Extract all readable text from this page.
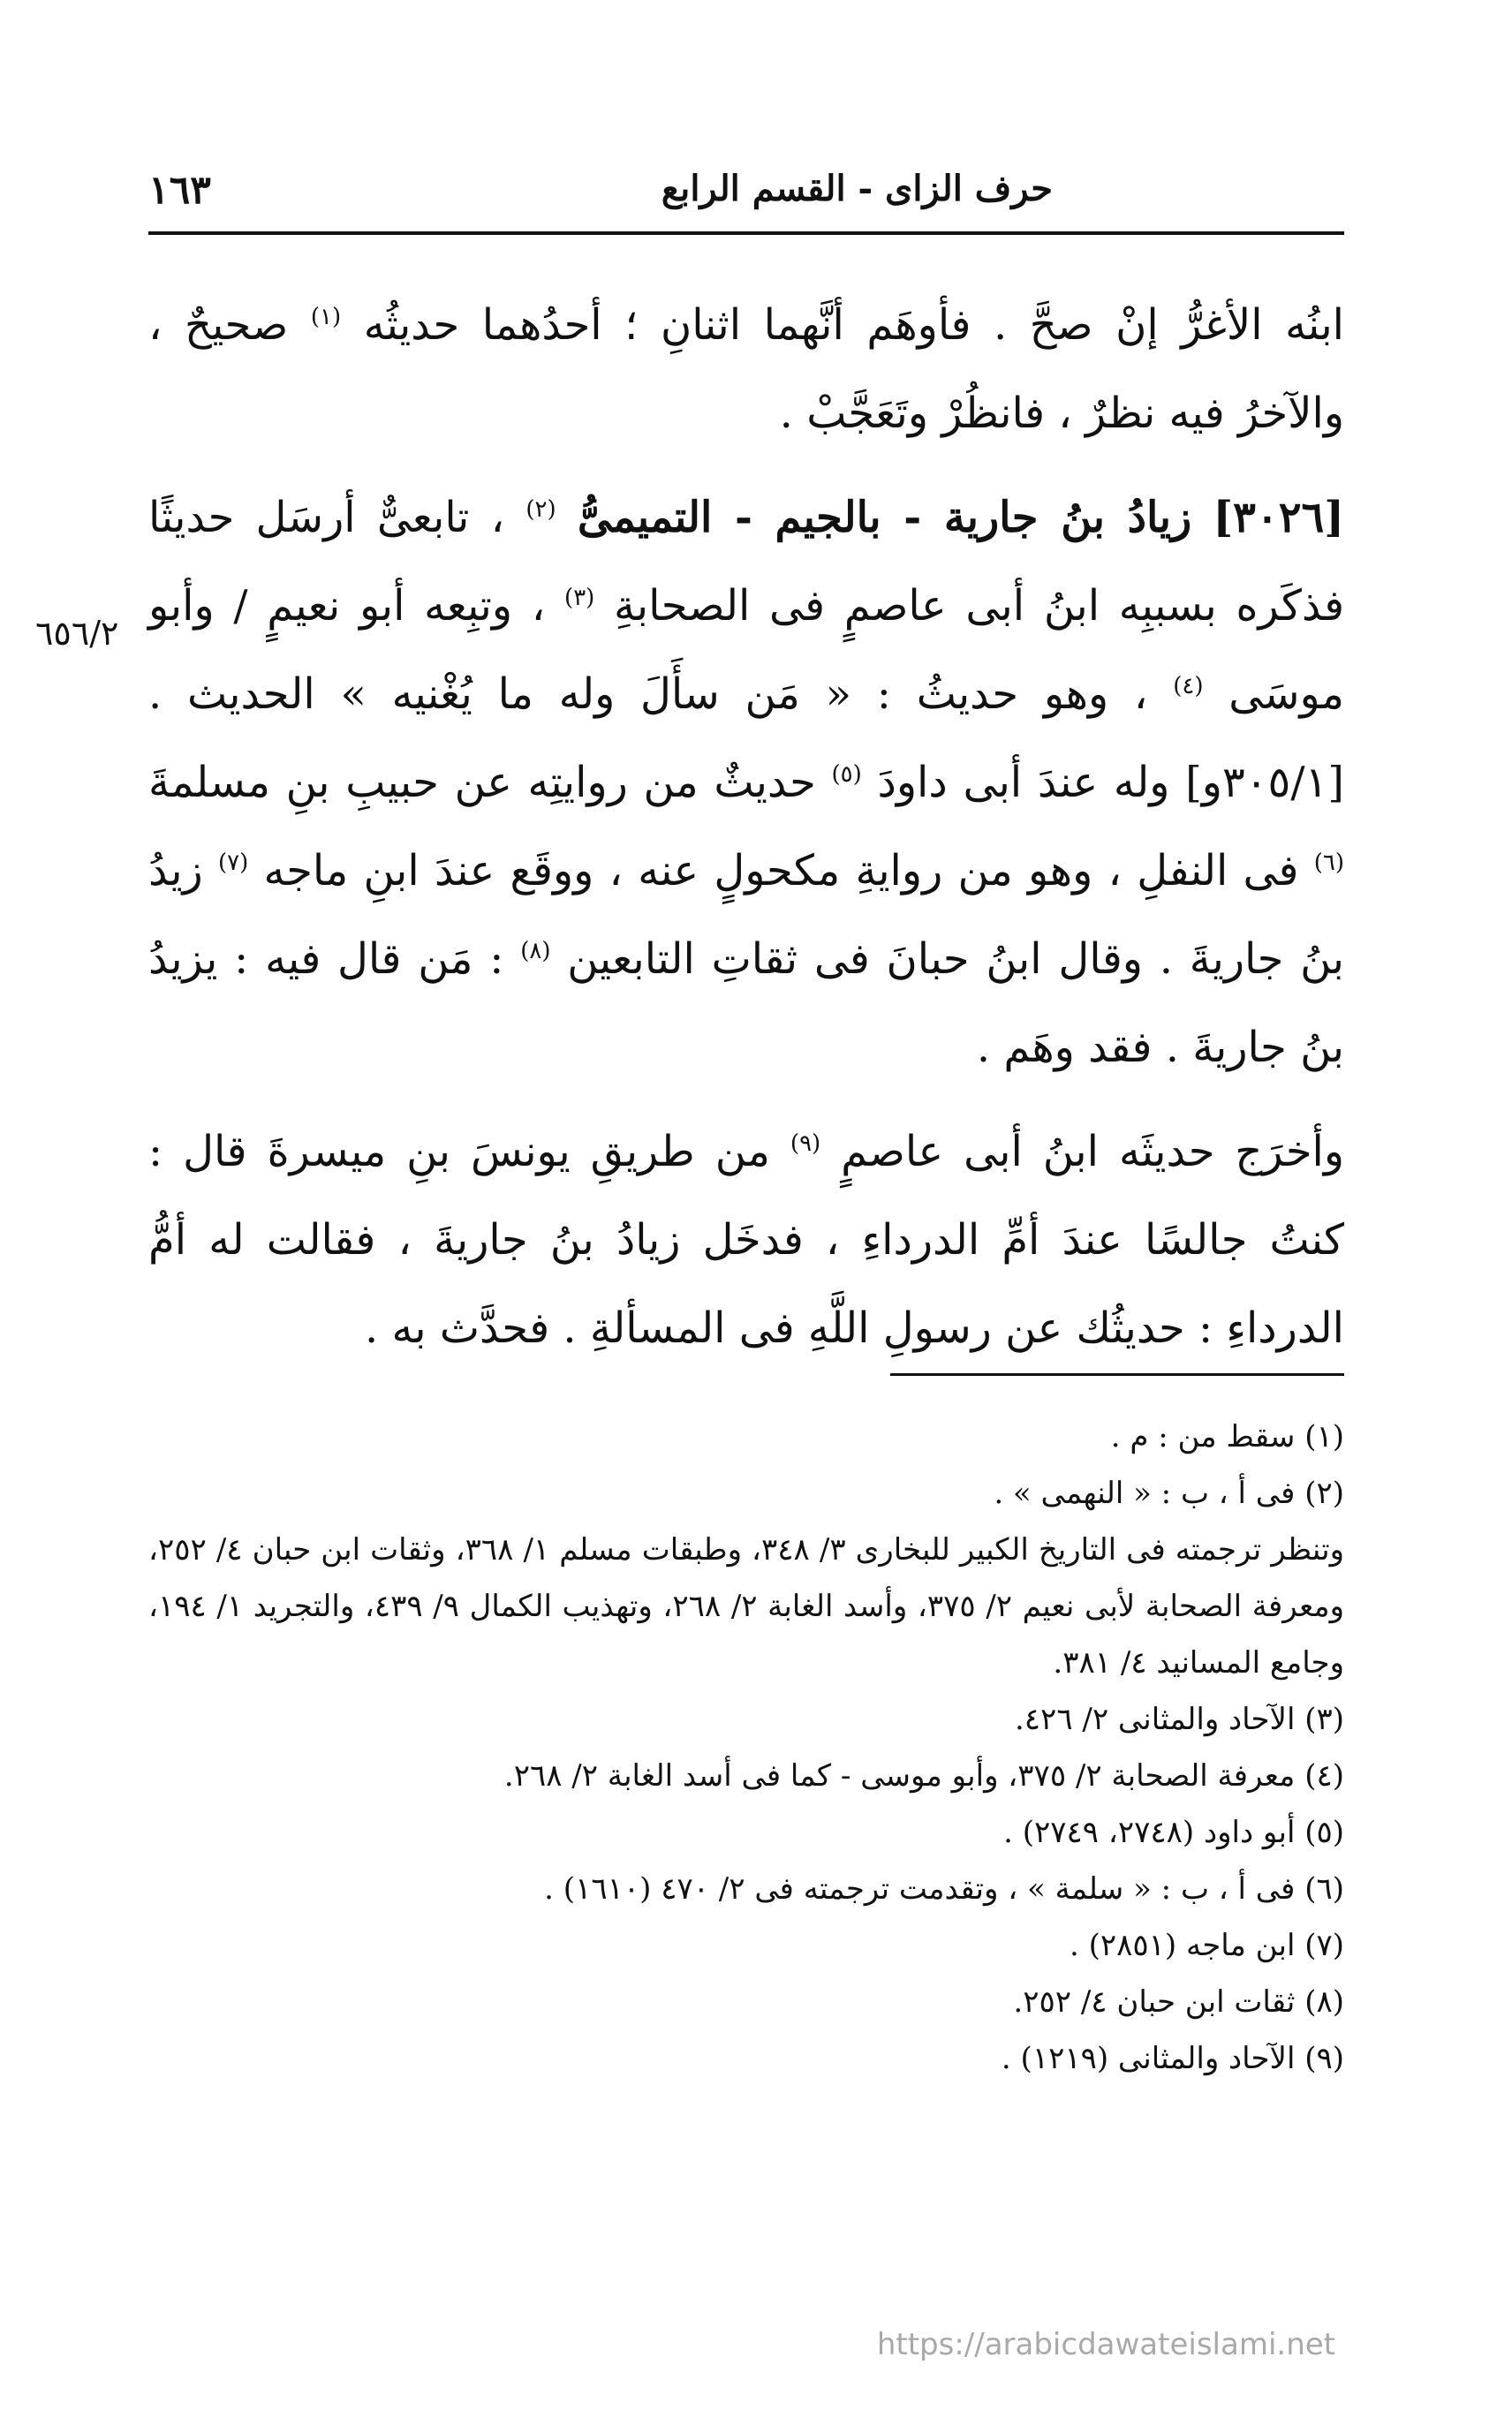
حرف الزاى - القسم الرابع
١٦٣
٦٥٦/٢

ابنُه الأغرُّ إنْ صحَّ . فأوهَم أنَّهما اثنانِ ؛ أحدُهما حديثُه $^{(١)}$ صحيحٌ ، والآخرُ فيه نظرٌ ، فانظُرْ وتَعَجَّبْ .

[٣٠٢٦] زيادُ بنُ جارية - بالجيم - التميمىُّ $^{(٢)}$ ، تابعىٌّ أرسَل حديثًا فذكَره بسببِه ابنُ أبى عاصمٍ فى الصحابةِ $^{(٣)}$ ، وتبِعه أبو نعيمٍ / وأبو موسَى $^{(٤)}$ ، وهو حديثُ : « مَن سأَلَ وله ما يُغْنيه » الحديث . [٣٠٥/١و] وله عندَ أبى داودَ $^{(٥)}$ حديثٌ من روايتِه عن حبيبِ بنِ مسلمةَ $^{(٦)}$ فى النفلِ ، وهو من روايةِ مكحولٍ عنه ، ووقَع عندَ ابنِ ماجه $^{(٧)}$ زيدُ بنُ جاريةَ . وقال ابنُ حبانَ فى ثقاتِ التابعين $^{(٨)}$ : مَن قال فيه : يزيدُ بنُ جاريةَ . فقد وهَم .

وأخرَج حديثَه ابنُ أبى عاصمٍ $^{(٩)}$ من طريقِ يونسَ بنِ ميسرةَ قال : كنتُ جالسًا عندَ أمِّ الدرداءِ ، فدخَل زيادُ بنُ جاريةَ ، فقالت له أمُّ الدرداءِ : حديثُك عن رسولِ اللَّهِ فى المسألةِ . فحدَّث به .

(١) سقط من : م .

(٢) فى أ ، ب : « النهمى » .

وتنظر ترجمته فى التاريخ الكبير للبخارى ٣/ ٣٤٨، وطبقات مسلم ١/ ٣٦٨، وثقات ابن حبان ٤/ ٢٥٢، ومعرفة الصحابة لأبى نعيم ٢/ ٣٧٥، وأسد الغابة ٢/ ٢٦٨، وتهذيب الكمال ٩/ ٤٣٩، والتجريد ١/ ١٩٤، وجامع المسانيد ٤/ ٣٨١.

(٣) الآحاد والمثانى ٢/ ٤٢٦.

(٤) معرفة الصحابة ٢/ ٣٧٥، وأبو موسى - كما فى أسد الغابة ٢/ ٢٦٨.

(٥) أبو داود (٢٧٤٨، ٢٧٤٩) .

(٦) فى أ ، ب : « سلمة » ، وتقدمت ترجمته فى ٢/ ٤٧٠ (١٦١٠) .

(٧) ابن ماجه (٢٨٥١) .

(٨) ثقات ابن حبان ٤/ ٢٥٢.

(٩) الآحاد والمثانى (١٢١٩) .

https://arabicdawateislami.net
